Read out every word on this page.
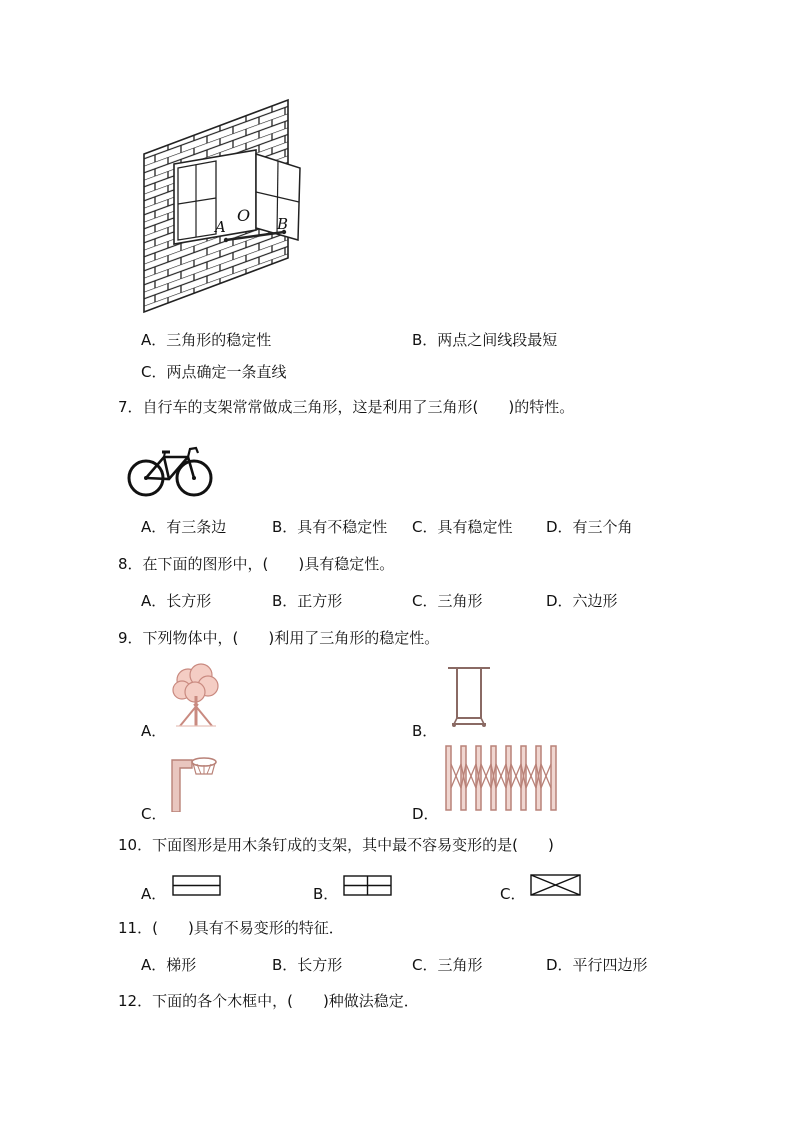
A
O B
A．三角形的稳定性	B．两点之间线段最短
C．两点确定一条直线
7．自行车的支架常常做成三角形，这是利用了三角形(　　)的特性。
A．有三条边	B．具有不稳定性 C．具有稳定性 D．有三个角
8．在下面的图形中，(　　)具有稳定性。
A．长方形	B．正方形	C．三角形	D．六边形
9．下列物体中，(　　)利用了三角形的稳定性。
A．	B．
C．	D．
10．下面图形是用木条钉成的支架，其中最不容易变形的是(　　)
A．	B．	C．
11．(　　)具有不易变形的特征．
A．梯形	B．长方形	C．三角形	D．平行四边形
12．下面的各个木框中，(　　)种做法稳定．
